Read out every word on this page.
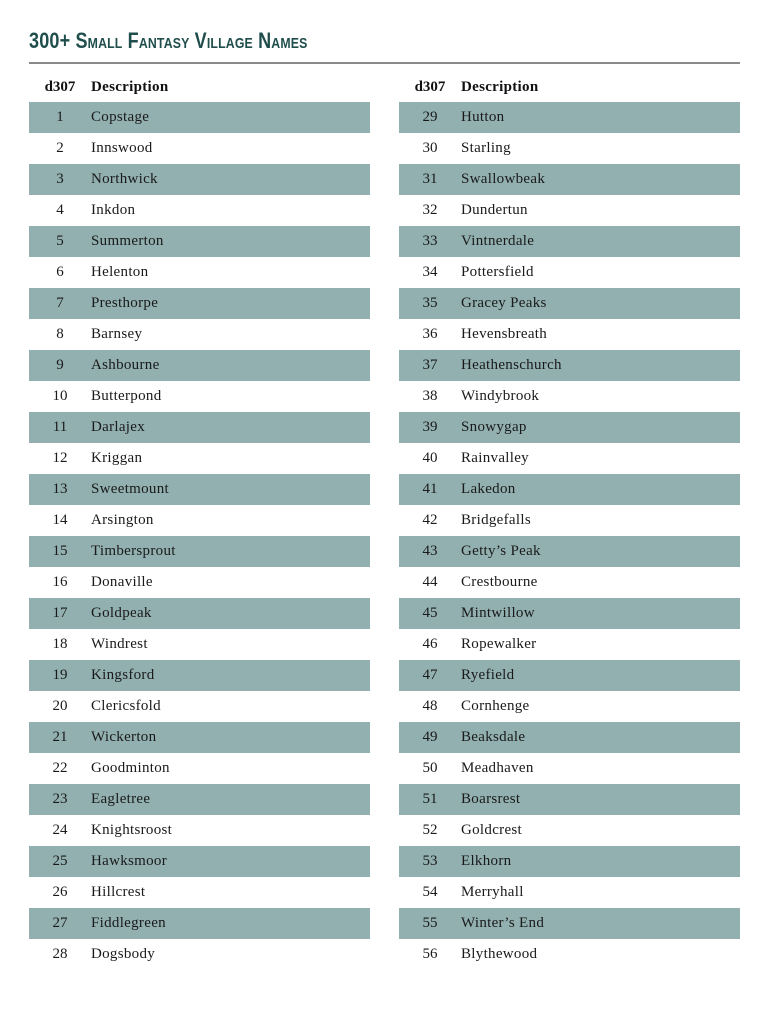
300+ Small Fantasy Village Names
d307	Description
1	Copstage
2	Innswood
3	Northwick
4	Inkdon
5	Summerton
6	Helenton
7	Presthorpe
8	Barnsey
9	Ashbourne
10	Butterpond
11	Darlajex
12	Kriggan
13	Sweetmount
14	Arsington
15	Timbersprout
16	Donaville
17	Goldpeak
18	Windrest
19	Kingsford
20	Clericsfold
21	Wickerton
22	Goodminton
23	Eagletree
24	Knightsroost
25	Hawksmoor
26	Hillcrest
27	Fiddlegreen
28	Dogsbody
d307	Description
29	Hutton
30	Starling
31	Swallowbeak
32	Dundertun
33	Vintnerdale
34	Pottersfield
35	Gracey Peaks
36	Hevensbreath
37	Heathenschurch
38	Windybrook
39	Snowygap
40	Rainvalley
41	Lakedon
42	Bridgefalls
43	Getty’s Peak
44	Crestbourne
45	Mintwillow
46	Ropewalker
47	Ryefield
48	Cornhenge
49	Beaksdale
50	Meadhaven
51	Boarsrest
52	Goldcrest
53	Elkhorn
54	Merryhall
55	Winter’s End
56	Blythewood
